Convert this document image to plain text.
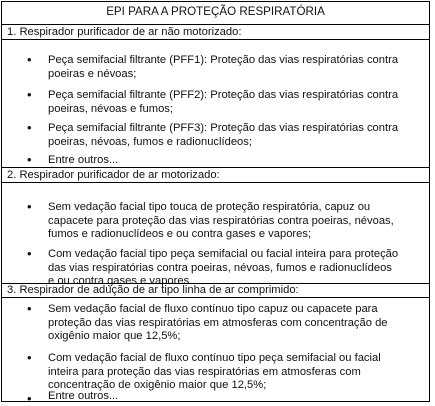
EPI PARA A PROTEÇÃO RESPIRATÓRIA
1. Respirador purificador de ar não motorizado:
• Peça semifacial filtrante (PFF1): Proteção das vias respiratórias contra
poeiras e névoas;
• Peça semifacial filtrante (PFF2): Proteção das vias respiratórias contra
poeiras, névoas e fumos;
• Peça semifacial filtrante (PFF3): Proteção das vias respiratórias contra
poeiras, névoas, fumos e radionuclídeos;
• Entre outros...
2. Respirador purificador de ar motorizado:
• Sem vedação facial tipo touca de proteção respiratória, capuz ou
capacete para proteção das vias respiratórias contra poeiras, névoas,
fumos e radionuclídeos e ou contra gases e vapores;
• Com vedação facial tipo peça semifacial ou facial inteira para proteção
das vias respiratórias contra poeiras, névoas, fumos e radionuclídeos
e ou contra gases e vapores.
3. Respirador de adução de ar tipo linha de ar comprimido:
• Sem vedação facial de fluxo contínuo tipo capuz ou capacete para
proteção das vias respiratórias em atmosferas com concentração de
oxigênio maior que 12,5%;
• Com vedação facial de fluxo contínuo tipo peça semifacial ou facial
inteira para proteção das vias respiratórias em atmosferas com
concentração de oxigênio maior que 12,5%;
• Entre outros...
